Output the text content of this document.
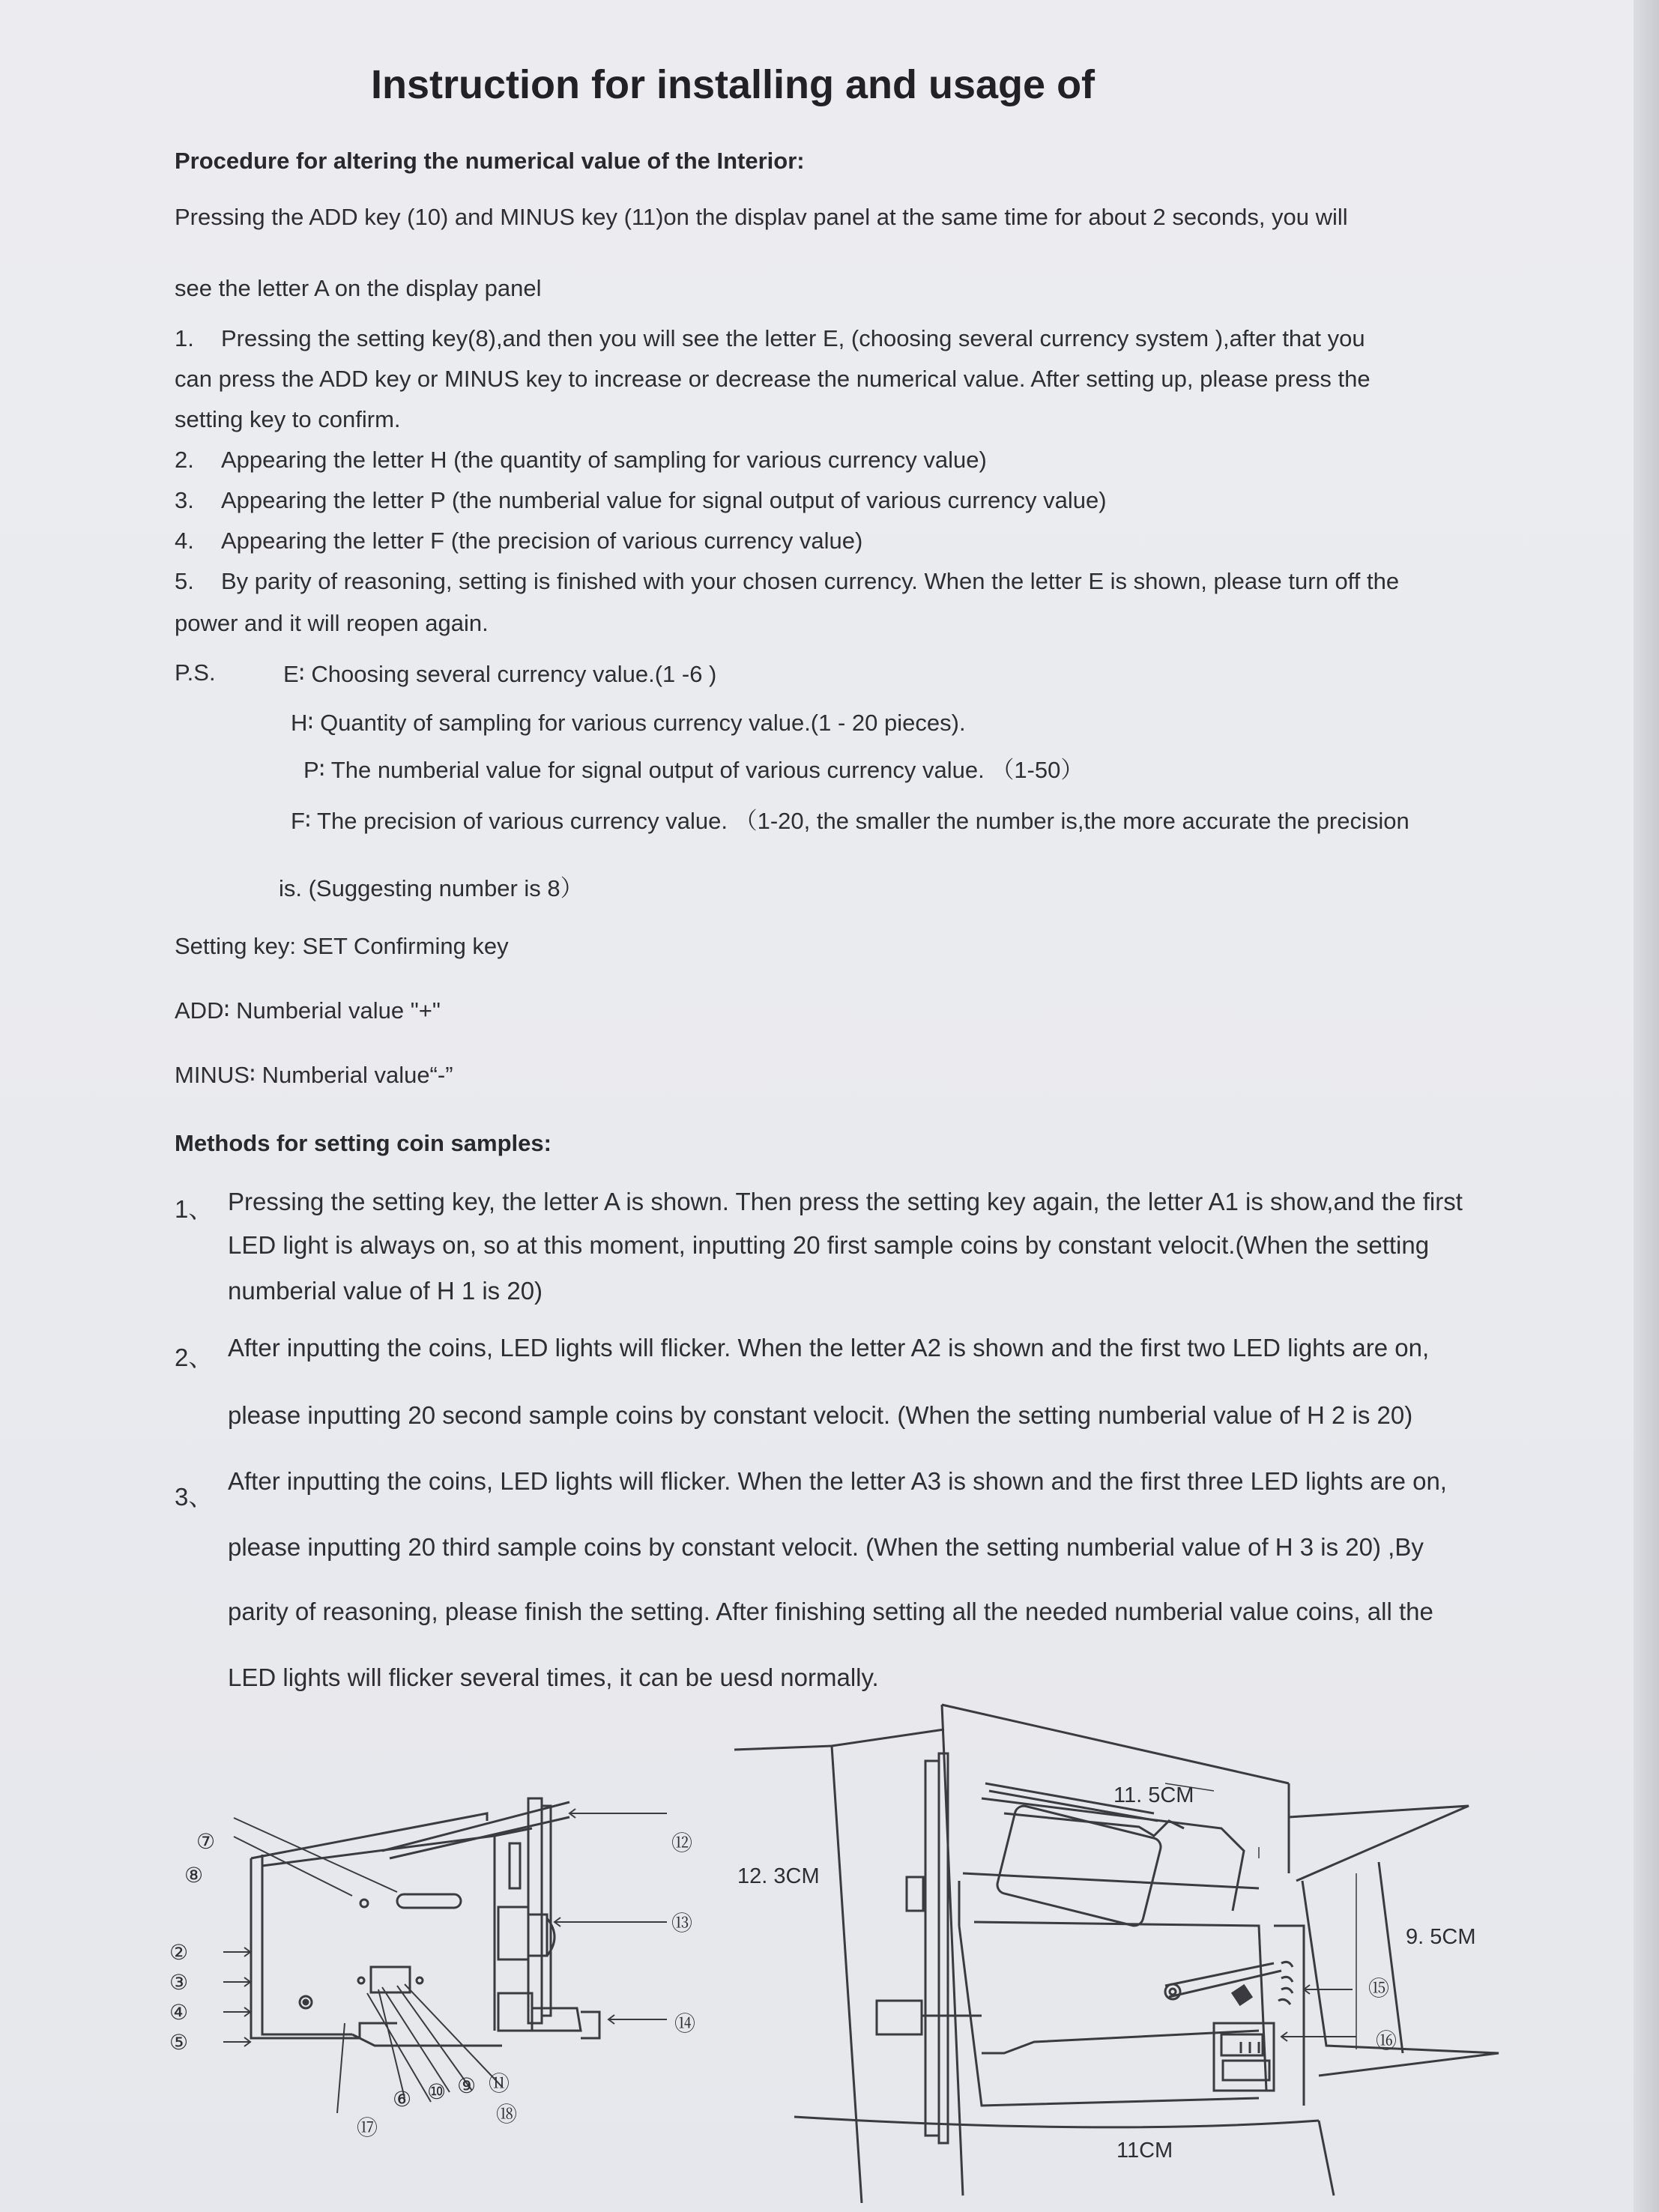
Instruction for installing and usage of
Procedure for altering the numerical value of the Interior:
Pressing the ADD key (10) and MINUS key (11)on the displav panel at the same time for about 2 seconds, you will
see the letter A on the display panel
1. Pressing the setting key(8),and then you will see the letter E, (choosing several currency system ),after that you
can press the ADD key or MINUS key to increase or decrease the numerical value. After setting up, please press the
setting key to confirm.
2. Appearing the letter H (the quantity of sampling for various currency value)
3. Appearing the letter P (the numberial value for signal output of various currency value)
4. Appearing the letter F (the precision of various currency value)
5. By parity of reasoning, setting is finished with your chosen currency. When the letter E is shown, please turn off the
power and it will reopen again.
P.S.	E∶ Choosing several currency value.(1 -6 )
H∶ Quantity of sampling for various currency value.(1 - 20 pieces).
P∶ The numberial value for signal output of various currency value. （1-50）
F∶ The precision of various currency value. （1-20, the smaller the number is,the more accurate the precision
is. (Suggesting number is 8）
Setting key: SET Confirming key
ADD∶ Numberial value "+"
MINUS∶ Numberial value“-”
Methods for setting coin samples:
1、 Pressing the setting key, the letter A is shown. Then press the setting key again, the letter A1 is show,and the first
LED light is always on, so at this moment, inputting 20 first sample coins by constant velocit.(When the setting
numberial value of H 1 is 20)
2、 After inputting the coins, LED lights will flicker. When the letter A2 is shown and the first two LED lights are on,
please inputting 20 second sample coins by constant velocit. (When the setting numberial value of H 2 is 20)
3、
After inputting the coins, LED lights will flicker. When the letter A3 is shown and the first three LED lights are on,
please inputting 20 third sample coins by constant velocit. (When the setting numberial value of H 3 is 20) ,By
parity of reasoning, please finish the setting. After finishing setting all the needed numberial value coins, all the
LED lights will flicker several times, it can be uesd normally.
⑦
⑧
②
③
④
⑤
⑥ ⑩ ⑨ ⑪
⑰
⑱
⑫
⑬
⑭
11. 5CM
12. 3CM
9. 5CM
11CM
⑮
⑯
